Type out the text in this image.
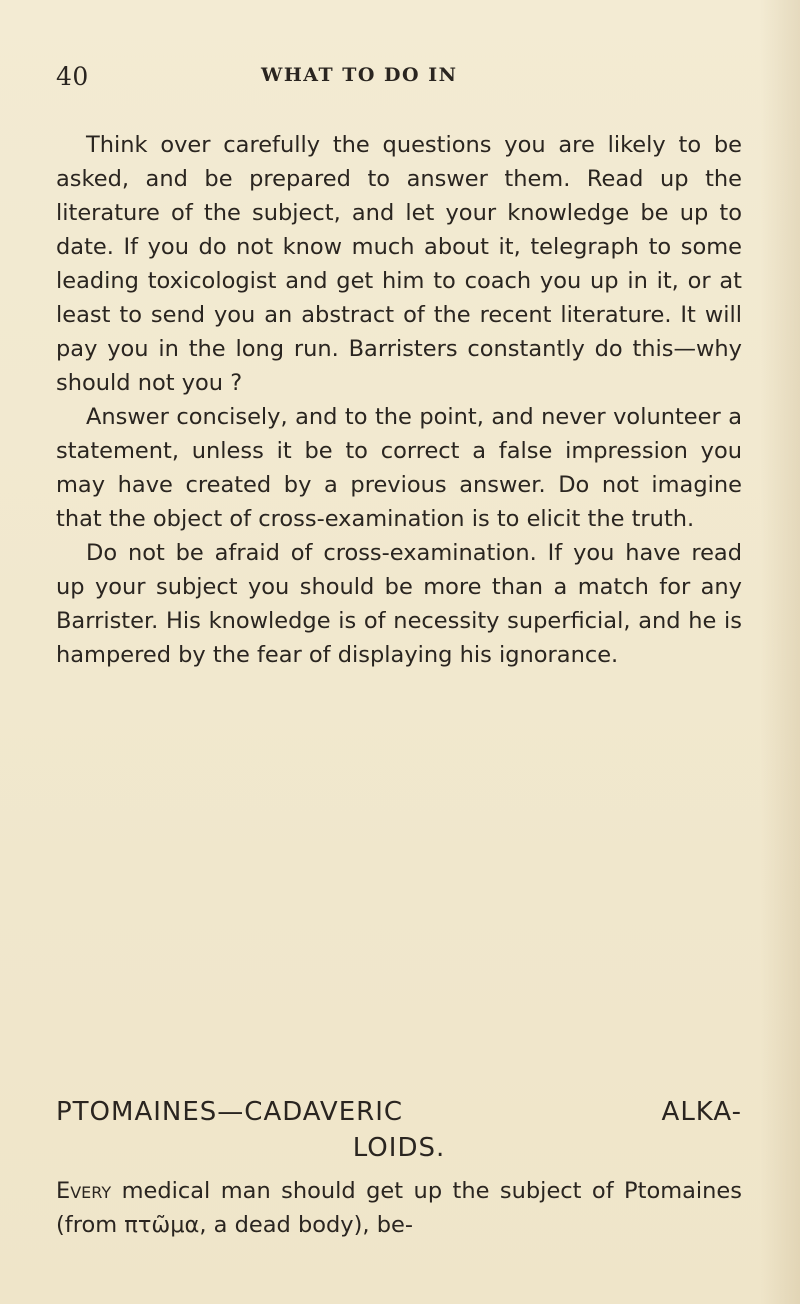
40	WHAT TO DO IN

Think over carefully the questions you are likely to be asked, and be prepared to answer them. Read up the literature of the subject, and let your knowledge be up to date. If you do not know much about it, telegraph to some leading toxicologist and get him to coach you up in it, or at least to send you an abstract of the recent literature. It will pay you in the long run. Barristers constantly do this—why should not you ?

Answer concisely, and to the point, and never volunteer a statement, unless it be to correct a false impression you may have created by a previous answer. Do not imagine that the object of cross-examination is to elicit the truth.

Do not be afraid of cross-examination. If you have read up your subject you should be more than a match for any Barrister. His knowledge is of necessity superficial, and he is hampered by the fear of displaying his ignorance.

PTOMAINES—CADAVERIC ALKA-
LOIDS.

Every medical man should get up the subject of Ptomaines (from πτῶμα, a dead body), be-
